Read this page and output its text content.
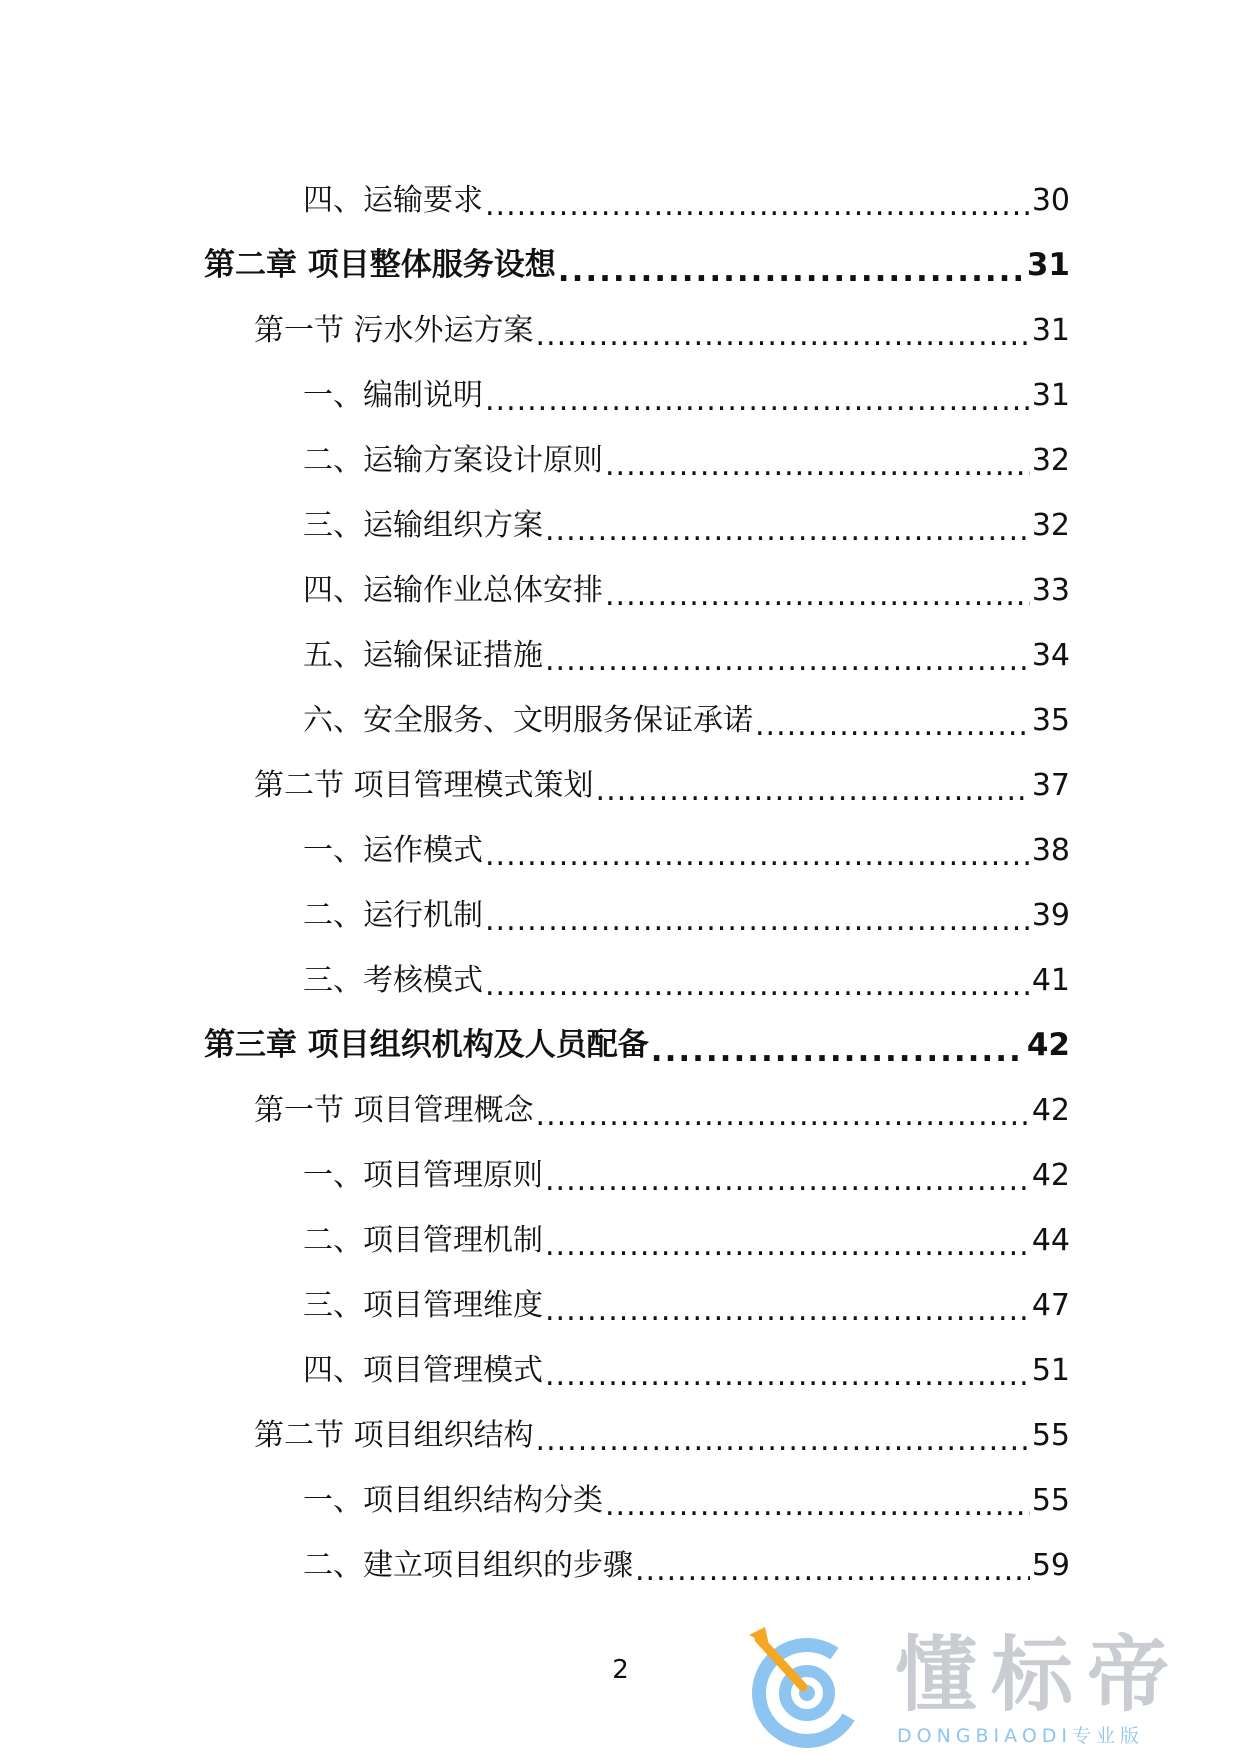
四、运输要求 .....	30
第二章 项目整体服务设想 .....	31
第一节 污水外运方案 .....	31
一、编制说明 .....	31
二、运输方案设计原则 .....	32
三、运输组织方案 .....	32
四、运输作业总体安排 .....	33
五、运输保证措施 .....	34
六、安全服务、文明服务保证承诺 .....	35
第二节 项目管理模式策划 .....	37
一、运作模式 .....	38
二、运行机制 .....	39
三、考核模式 .....	41
第三章 项目组织机构及人员配备 .....	42
第一节 项目管理概念 .....	42
一、项目管理原则 .....	42
二、项目管理机制 .....	44
三、项目管理维度 .....	47
四、项目管理模式 .....	51
第二节 项目组织结构 .....	55
一、项目组织结构分类 .....	55
二、建立项目组织的步骤 .....	59
2	懂标帝
DONGBIAODI专业版
